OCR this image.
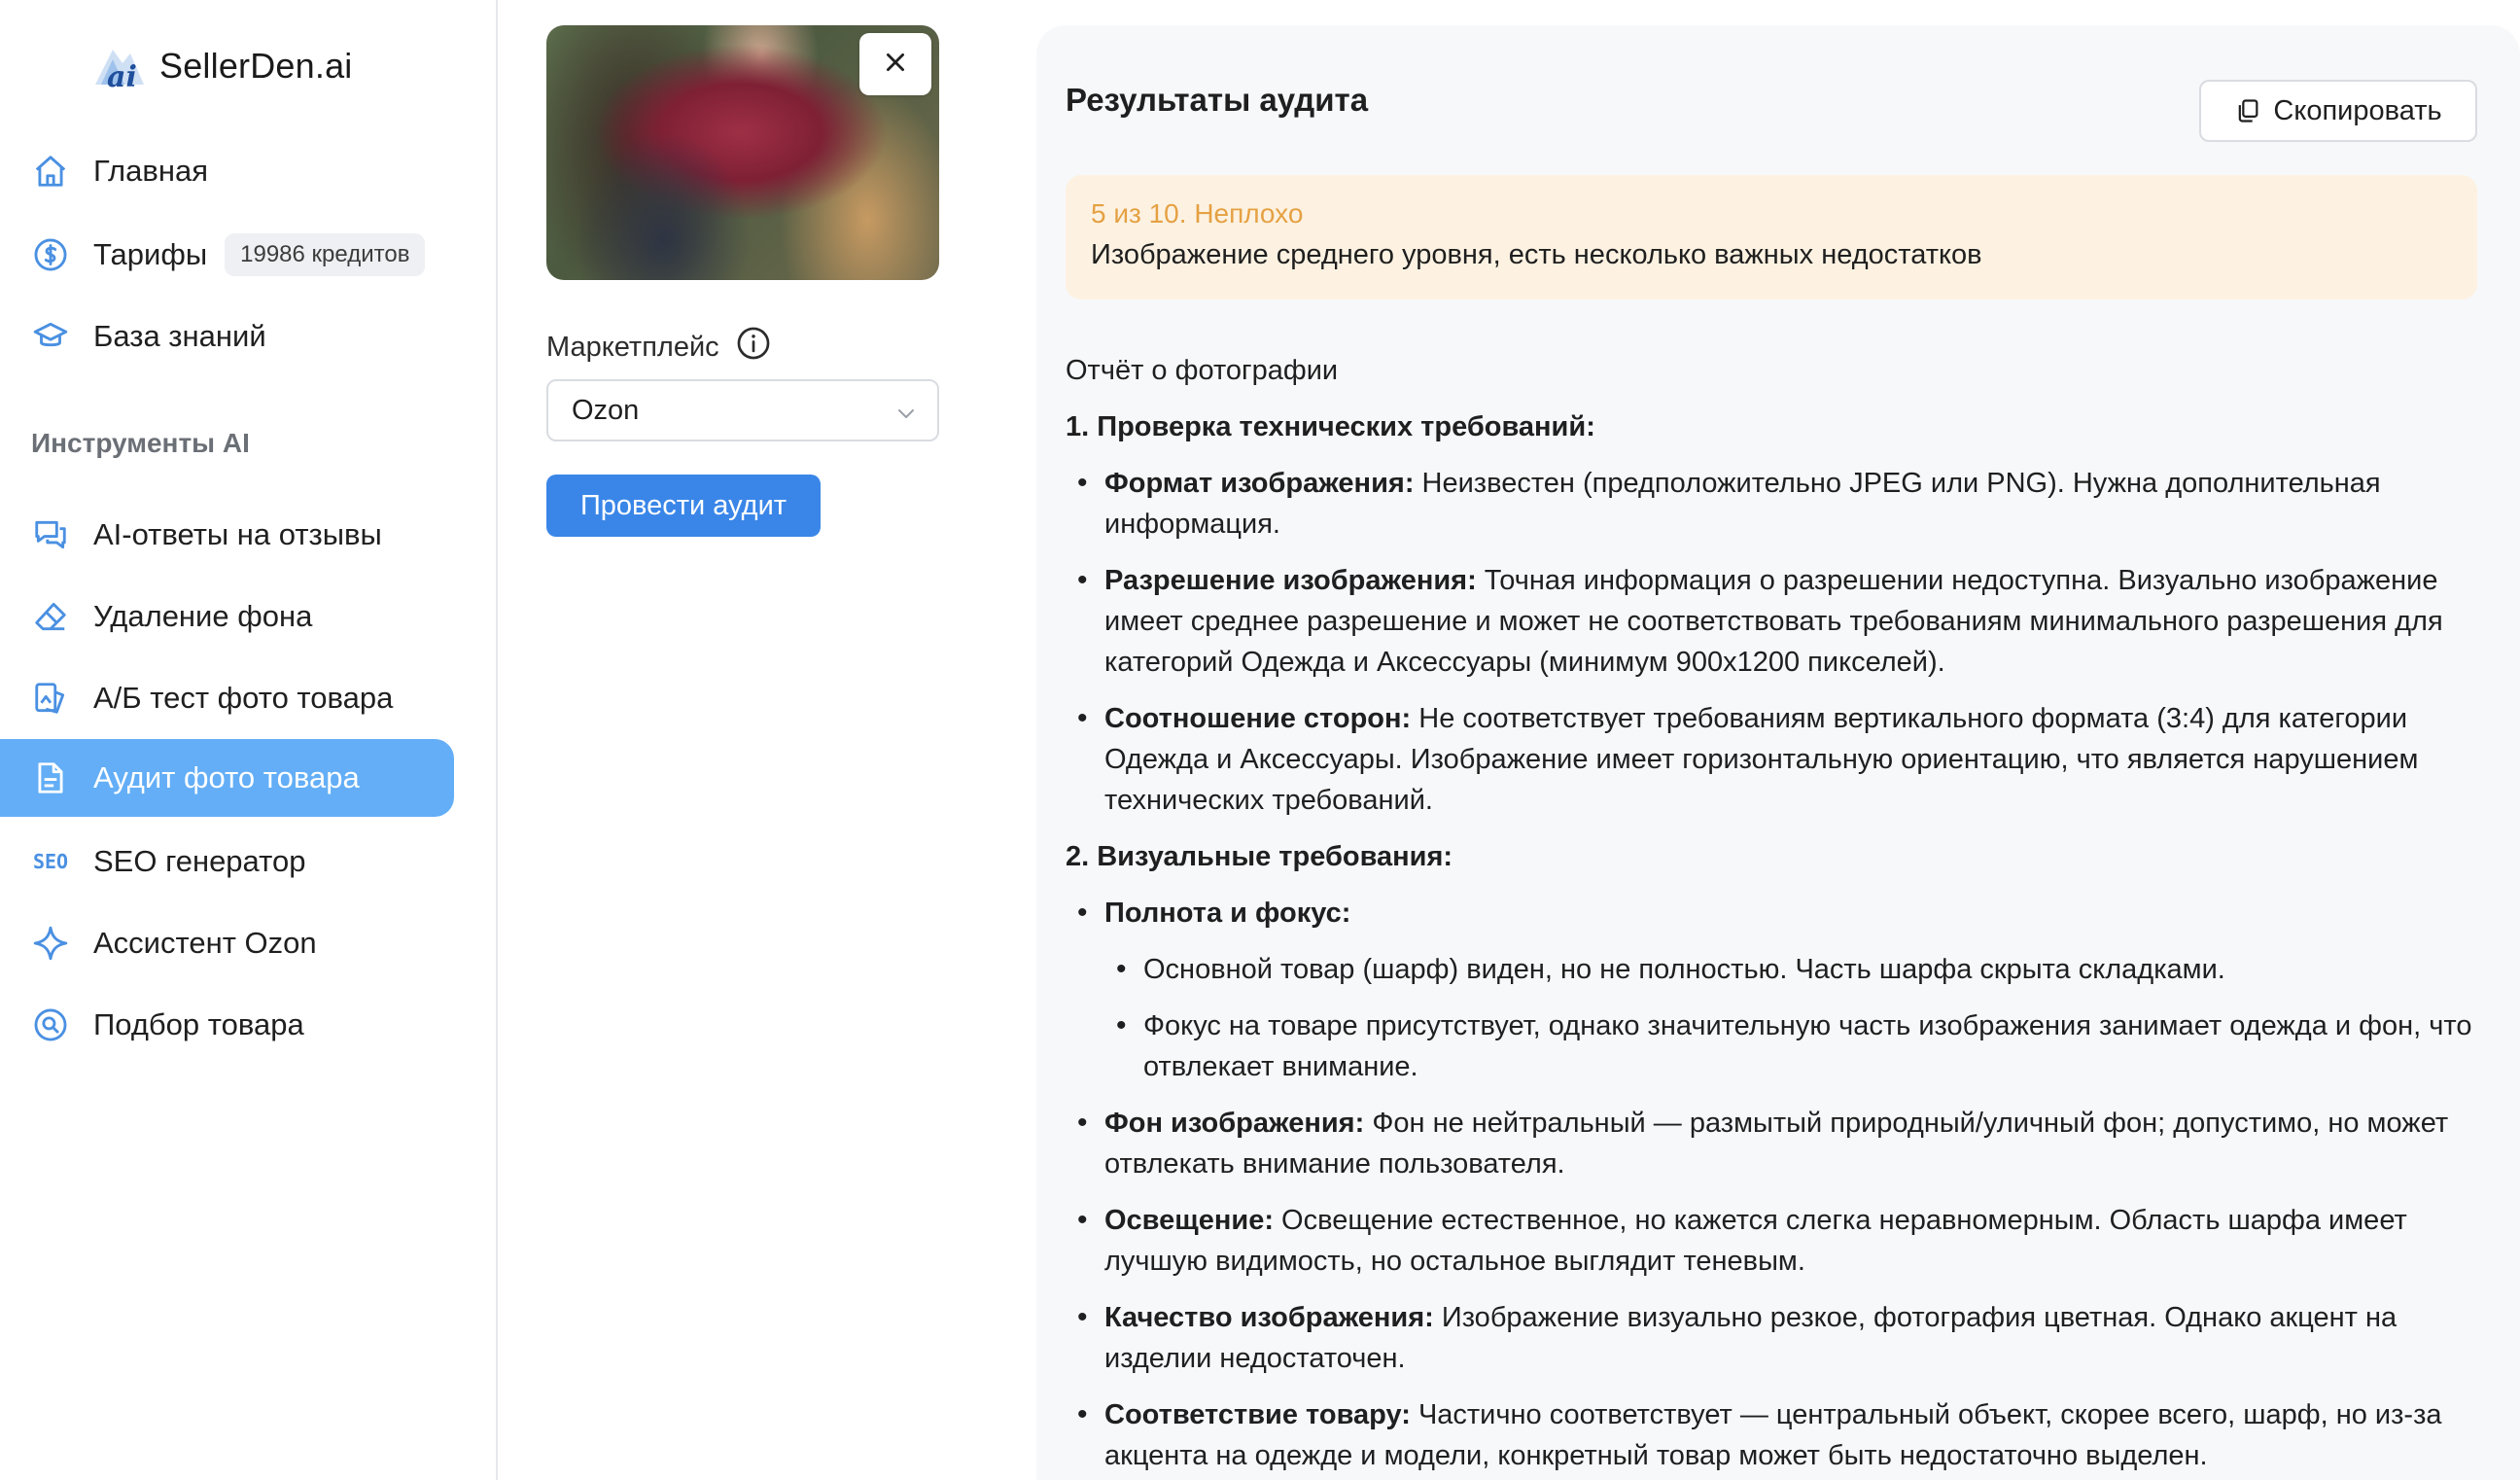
ai SellerDen.ai
Главная
Тарифы	19986 кредитов
База знаний
Инструменты AI
AI-ответы на отзывы
Удаление фона
А/Б тест фото товара
Аудит фото товара
SEO SEO генератор
Ассистент Ozon
Подбор товара
Маркетплейс
Ozon
Провести аудит
Результаты аудита	Скопировать
5 из 10. Неплохо
Изображение среднего уровня, есть несколько важных недостатков
Отчёт о фотографии
1. Проверка технических требований:
• Формат изображения: Неизвестен (предположительно JPEG или PNG). Нужна дополнительная информация.
• Разрешение изображения: Точная информация о разрешении недоступна. Визуально изображение имеет среднее разрешение и может не соответствовать требованиям минимального разрешения для категорий Одежда и Аксессуары (минимум 900x1200 пикселей).
• Соотношение сторон: Не соответствует требованиям вертикального формата (3:4) для категории Одежда и Аксессуары. Изображение имеет горизонтальную ориентацию, что является нарушением технических требований.
2. Визуальные требования:
• Полнота и фокус:
• Основной товар (шарф) виден, но не полностью. Часть шарфа скрыта складками.
• Фокус на товаре присутствует, однако значительную часть изображения занимает одежда и фон, что отвлекает внимание.
• Фон изображения: Фон не нейтральный — размытый природный/уличный фон; допустимо, но может отвлекать внимание пользователя.
• Освещение: Освещение естественное, но кажется слегка неравномерным. Область шарфа имеет лучшую видимость, но остальное выглядит теневым.
• Качество изображения: Изображение визуально резкое, фотография цветная. Однако акцент на изделии недостаточен.
• Соответствие товару: Частично соответствует — центральный объект, скорее всего, шарф, но из-за акцента на одежде и модели, конкретный товар может быть недостаточно выделен.
